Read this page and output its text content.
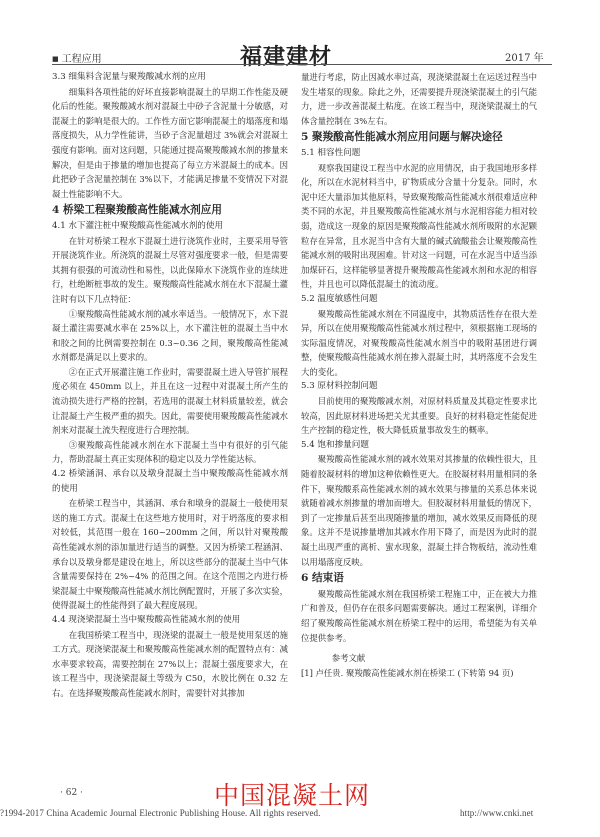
■ 工程应用	福建建材	2017 年
3.3 细集料含泥量与聚羧酸减水剂的应用

细集料各项性能的好坏直接影响混凝土的早期工作性能及硬化后的性能。聚羧酸减水剂对混凝土中砂子含泥量十分敏感，对混凝土的影响是很大的。工作性方面它影响混凝土的塌落度和塌落度损失，从力学性能讲，当砂子含泥量超过 3%就会对混凝土强度有影响。面对这问题，只能通过提高聚羧酸减水剂的掺量来解决，但是由于掺量的增加也提高了每立方米混凝土的成本。因此把砂子含泥量控制在 3%以下，才能满足掺量不变情况下对混凝土性能影响不大。

4 桥梁工程聚羧酸高性能减水剂应用
4.1 水下灌注桩中聚羧酸高性能减水剂的使用

在针对桥梁工程水下混凝土进行浇筑作业时，主要采用导管开展浇筑作业。所浇筑的混凝土尽管对强度要求一般，但是需要其拥有很强的可流动性和易性，以此保障水下浇筑作业的连续进行，杜绝断桩事故的发生。聚羧酸高性能减水剂在水下混凝土灌注时有以下几点特征：

①聚羧酸高性能减水剂的减水率适当。一般情况下，水下混凝土灌注需要减水率在 25%以上，水下灌注桩的混凝土当中水和胶之间的比例需要控制在 0.3~0.36 之间，聚羧酸高性能减水剂都是满足以上要求的。

②在正式开展灌注施工作业时，需要混凝土进入导管扩展程度必须在 450mm 以上，并且在这一过程中对混凝土所产生的流动损失进行严格的控制，若选用的混凝土材料质量较差，就会让混凝土产生极严重的损失。因此，需要使用聚羧酸高性能减水剂来对混凝土流失程度进行合理控制。

③聚羧酸高性能减水剂在水下混凝土当中有很好的引气能力，帮助混凝土真正实现体积的稳定以及力学性能达标。

4.2 桥梁涵洞、承台以及墩身混凝土当中聚羧酸高性能减水剂的使用

在桥梁工程当中，其涵洞、承台和墩身的混凝土一般使用泵送的施工方式。混凝土在这些地方使用时，对于坍落度的要求相对较低，其范围一般在 160~200mm 之间，所以针对聚羧酸高性能减水剂的添加量进行适当的调整。又因为桥梁工程涵洞、承台以及墩身都是建设在地上，所以这些部分的混凝土当中气体含量需要保持在 2%~4% 的范围之间。在这个范围之内进行桥梁混凝土中聚羧酸高性能减水剂比例配置时，开展了多次实验，使得混凝土的性能得到了最大程度展现。

4.4 现浇梁混凝土当中聚羧酸高性能减水剂的使用

在我国桥梁工程当中，现浇梁的混凝土一般是使用泵送的施工方式。现浇梁混凝土和聚羧酸高性能减水剂的配置特点有：减水率要求较高，需要控制在 27%以上；混凝土强度要求大，在该工程当中，现浇梁混凝土等级为 C50，水胶比例在 0.32 左右。在选择聚羧酸高性能减水剂时，需要针对其掺加

量进行考虑，防止因减水率过高，现浇梁混凝土在运送过程当中发生堵泵的现象。除此之外，还需要提升现浇梁混凝土的引气能力，进一步改善混凝土粘度。在该工程当中，现浇梁混凝土的气体含量控制在 3%左右。

5 聚羧酸高性能减水剂应用问题与解决途径
5.1 相容性问题

观察我国建设工程当中水泥的应用情况，由于我国地形多样化，所以在水泥材料当中，矿物质成分含量十分复杂。同时，水泥中还大量添加其他原料，导致聚羧酸高性能减水剂很难适应种类不同的水泥，并且聚羧酸高性能减水剂与水泥相容能力相对较弱，造成这一现象的原因是聚羧酸高性能减水剂所吸附的水泥颗粒存在异常，且水泥当中含有大量的碱式硫酸盐会让聚羧酸高性能减水剂的吸附出现困难。针对这一问题，可在水泥当中适当添加煤矸石，这样能够显著提升聚羧酸高性能减水剂和水泥的相容性，并且也可以降低混凝土的流动度。

5.2 温度敏感性问题

聚羧酸高性能减水剂在不同温度中，其物质活性存在很大差异，所以在使用聚羧酸高性能减水剂过程中，须根据施工现场的实际温度情况，对聚羧酸高性能减水剂当中的吸附基团进行调整，使聚羧酸高性能减水剂在掺入混凝土时，其坍落度不会发生大的变化。

5.3 原材料控制问题

目前使用的聚羧酸减水剂，对原材料质量及其稳定性要求比较高，因此原材料进场把关尤其重要。良好的材料稳定性能促进生产控制的稳定性，极大降低质量事故发生的概率。

5.4 饱和掺量问题

聚羧酸高性能减水剂的减水效果对其掺量的依赖性很大，且随着胶凝材料的增加这种依赖性更大。在胶凝材料用量相同的条件下，聚羧酸系高性能减水剂的减水效果与掺量的关系总体来说就随着减水剂掺量的增加而增大。但胶凝材料用量低的情况下，到了一定掺量后甚至出现随掺量的增加，减水效果反而降低的现象。这并不是说掺量增加其减水作用下降了，而是因为此时的混凝土出现严重的离析、蜜水现象，混凝土拌合物板结，流动性难以用塌落度反映。

6 结束语

聚羧酸高性能减水剂在我国桥梁工程施工中，正在被大力推广和普及，但仍存在很多问题需要解决。通过工程案例，详细介绍了聚羧酸高性能减水剂在桥梁工程中的运用，希望能为有关单位提供参考。

参考文献

[1] 卢任贵. 聚羧酸高性能减水剂在桥梁工 (下转第 94 页)

· 62 ·	中国混凝土网
?1994-2017 China Academic Journal Electronic Publishing House. All rights reserved.	http://www.cnki.net
